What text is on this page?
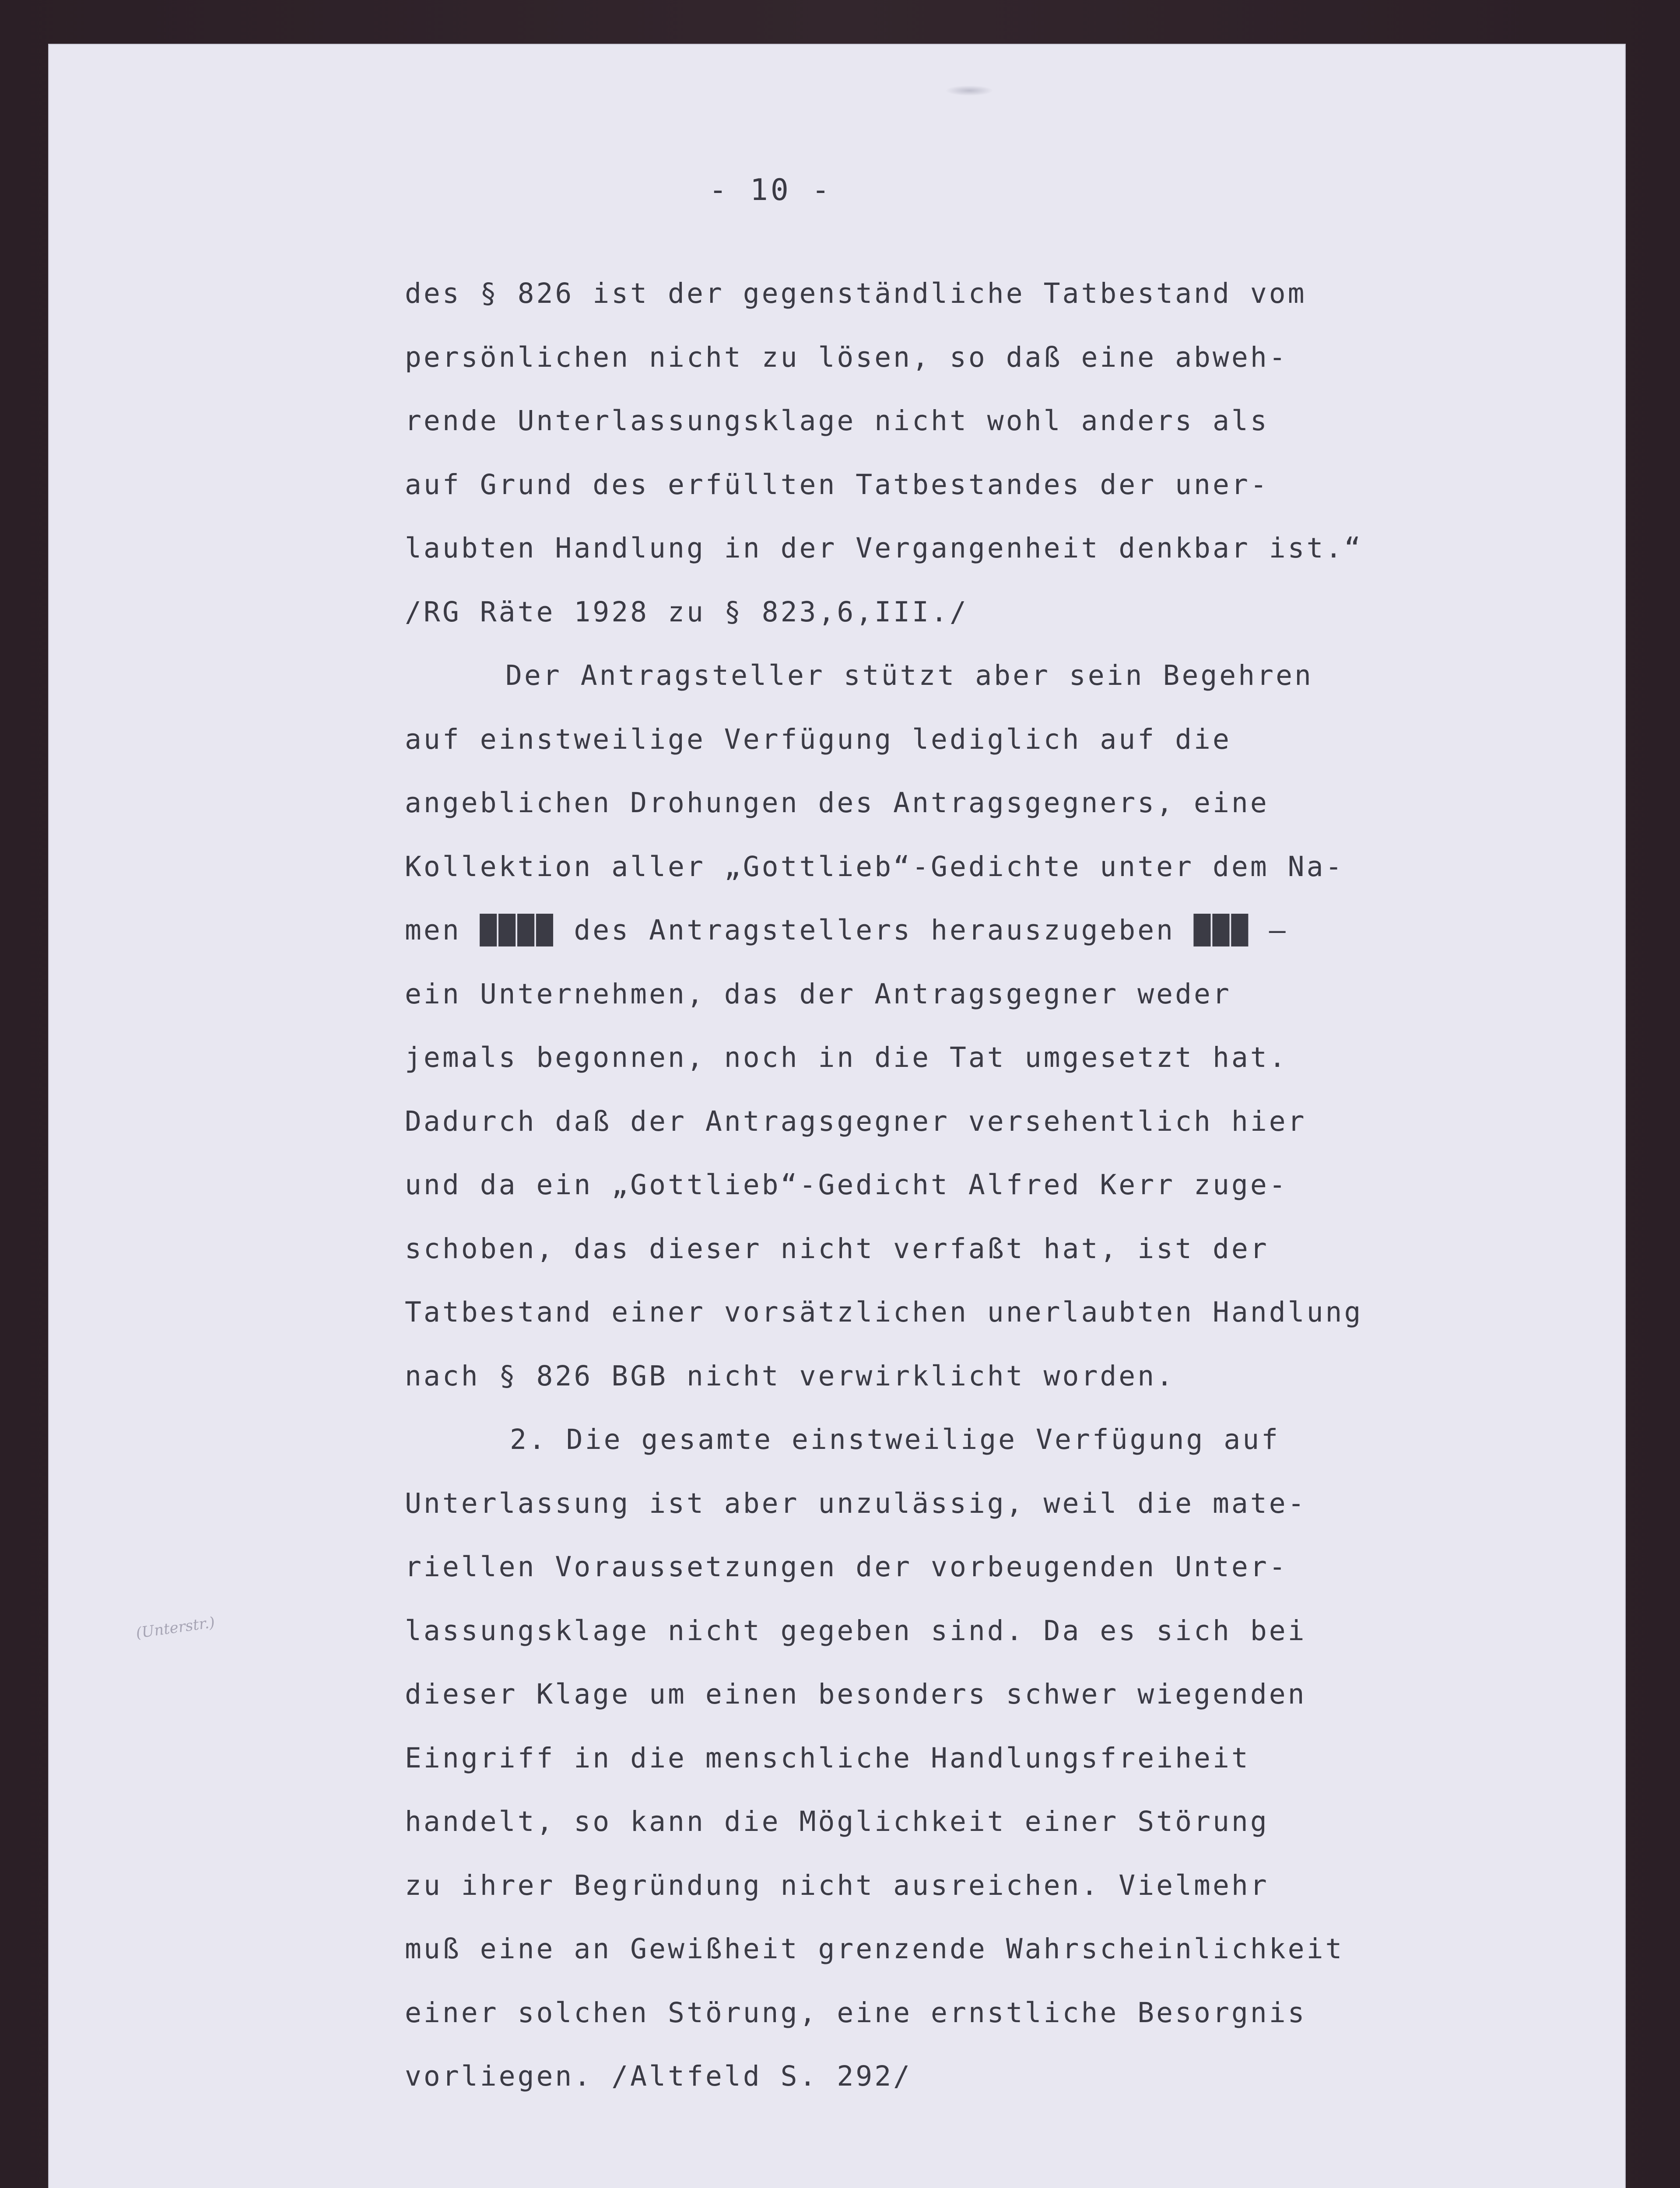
- 10 -

des § 826 ist der gegenständliche Tatbestand vom

persönlichen nicht zu lösen, so daß eine abweh-

rende Unterlassungsklage nicht wohl anders als

auf Grund des erfüllten Tatbestandes der uner-

laubten Handlung in der Vergangenheit denkbar ist.“

/RG Räte 1928 zu § 823,6,III./

Der Antragsteller stützt aber sein Begehren

auf einstweilige Verfügung lediglich auf die

angeblichen Drohungen des Antragsgegners, eine

Kollektion aller „Gottlieb“-Gedichte unter dem Na-

men ████ des Antragstellers herauszugeben ███ —

ein Unternehmen, das der Antragsgegner weder

jemals begonnen, noch in die Tat umgesetzt hat.

Dadurch daß der Antragsgegner versehentlich hier

und da ein „Gottlieb“-Gedicht Alfred Kerr zuge-

schoben, das dieser nicht verfaßt hat, ist der

Tatbestand einer vorsätzlichen unerlaubten Handlung

nach § 826 BGB nicht verwirklicht worden.

2. Die gesamte einstweilige Verfügung auf

Unterlassung ist aber unzulässig, weil die mate-

riellen Voraussetzungen der vorbeugenden Unter-

lassungsklage nicht gegeben sind. Da es sich bei

dieser Klage um einen besonders schwer wiegenden

Eingriff in die menschliche Handlungsfreiheit

handelt, so kann die Möglichkeit einer Störung

zu ihrer Begründung nicht ausreichen. Vielmehr

muß eine an Gewißheit grenzende Wahrscheinlichkeit

einer solchen Störung, eine ernstliche Besorgnis

vorliegen. /Altfeld S. 292/

(Unterstr.)
